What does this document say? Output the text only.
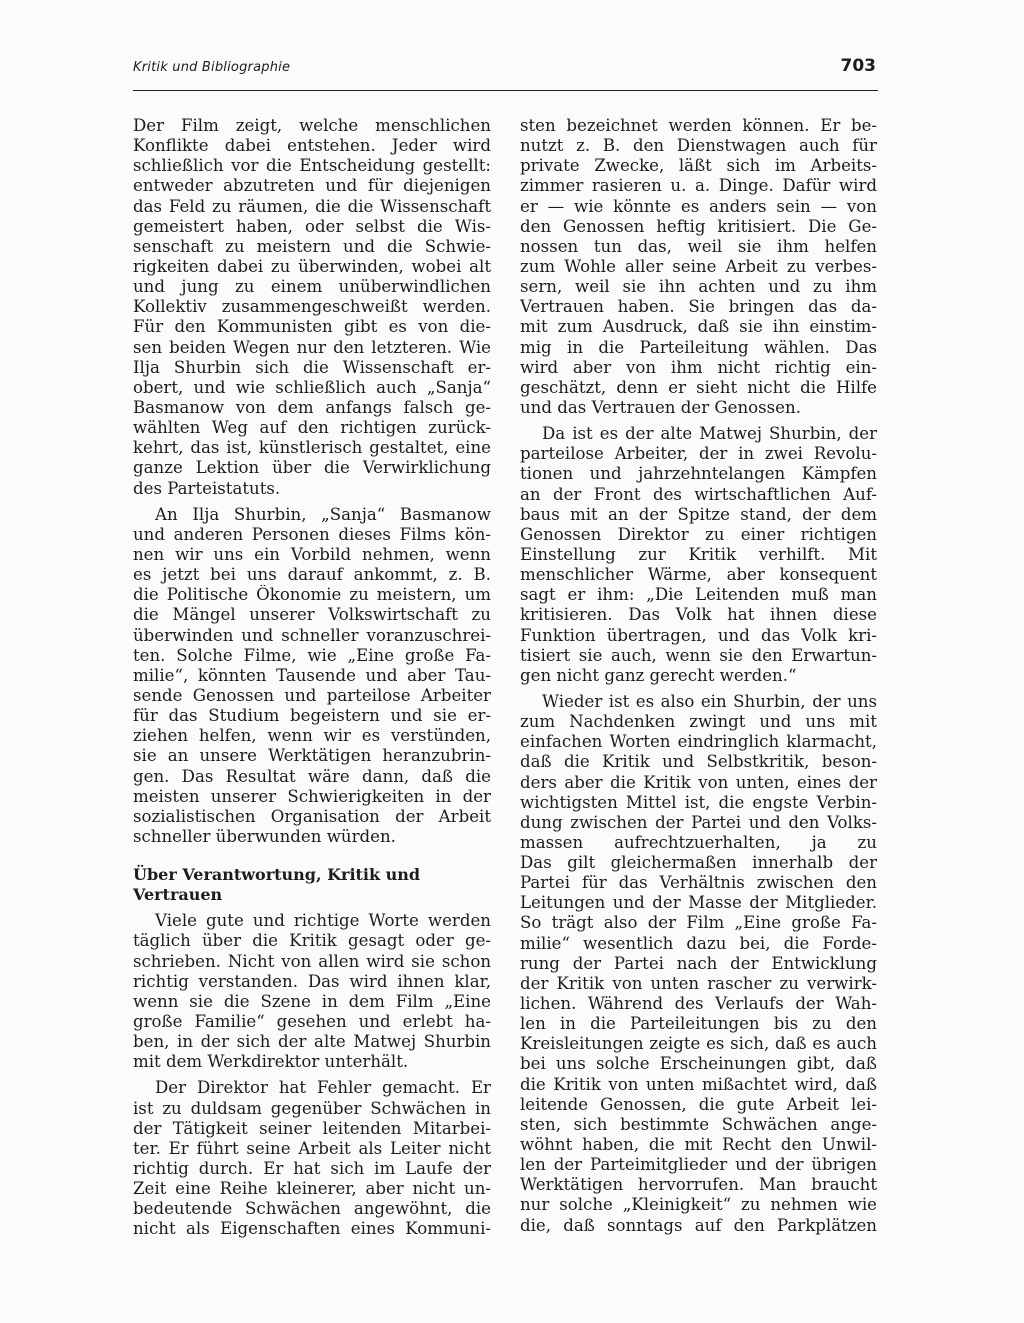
Kritik und Bibliographie	703
Der Film zeigt, welche menschlichen
Konflikte dabei entstehen. Jeder wird
schließlich vor die Entscheidung gestellt:
entweder abzutreten und für diejenigen
das Feld zu räumen, die die Wissenschaft
gemeistert haben, oder selbst die Wis-
senschaft zu meistern und die Schwie-
rigkeiten dabei zu überwinden, wobei alt
und jung zu einem unüberwindlichen
Kollektiv zusammengeschweißt werden.
Für den Kommunisten gibt es von die-
sen beiden Wegen nur den letzteren. Wie
Ilja Shurbin sich die Wissenschaft er-
obert, und wie schließlich auch „Sanja“
Basmanow von dem anfangs falsch ge-
wählten Weg auf den richtigen zurück-
kehrt, das ist, künstlerisch gestaltet, eine
ganze Lektion über die Verwirklichung
des Parteistatuts.
An Ilja Shurbin, „Sanja“ Basmanow
und anderen Personen dieses Films kön-
nen wir uns ein Vorbild nehmen, wenn
es jetzt bei uns darauf ankommt, z. B.
die Politische Ökonomie zu meistern, um
die Mängel unserer Volkswirtschaft zu
überwinden und schneller voranzuschrei-
ten. Solche Filme, wie „Eine große Fa-
milie“, könnten Tausende und aber Tau-
sende Genossen und parteilose Arbeiter
für das Studium begeistern und sie er-
ziehen helfen, wenn wir es verstünden,
sie an unsere Werktätigen heranzubrin-
gen. Das Resultat wäre dann, daß die
meisten unserer Schwierigkeiten in der
sozialistischen Organisation der Arbeit
schneller überwunden würden.
Über Verantwortung, Kritik und
Vertrauen
Viele gute und richtige Worte werden
täglich über die Kritik gesagt oder ge-
schrieben. Nicht von allen wird sie schon
richtig verstanden. Das wird ihnen klar,
wenn sie die Szene in dem Film „Eine
große Familie“ gesehen und erlebt ha-
ben, in der sich der alte Matwej Shurbin
mit dem Werkdirektor unterhält.
Der Direktor hat Fehler gemacht. Er
ist zu duldsam gegenüber Schwächen in
der Tätigkeit seiner leitenden Mitarbei-
ter. Er führt seine Arbeit als Leiter nicht
richtig durch. Er hat sich im Laufe der
Zeit eine Reihe kleinerer, aber nicht un-
bedeutende Schwächen angewöhnt, die
nicht als Eigenschaften eines Kommuni-
sten bezeichnet werden können. Er be-
nutzt z. B. den Dienstwagen auch für
private Zwecke, läßt sich im Arbeits-
zimmer rasieren u. a. Dinge. Dafür wird
er — wie könnte es anders sein — von
den Genossen heftig kritisiert. Die Ge-
nossen tun das, weil sie ihm helfen
zum Wohle aller seine Arbeit zu verbes-
sern, weil sie ihn achten und zu ihm
Vertrauen haben. Sie bringen das da-
mit zum Ausdruck, daß sie ihn einstim-
mig in die Parteileitung wählen. Das
wird aber von ihm nicht richtig ein-
geschätzt, denn er sieht nicht die Hilfe
und das Vertrauen der Genossen.
Da ist es der alte Matwej Shurbin, der
parteilose Arbeiter, der in zwei Revolu-
tionen und jahrzehntelangen Kämpfen
an der Front des wirtschaftlichen Auf-
baus mit an der Spitze stand, der dem
Genossen Direktor zu einer richtigen
Einstellung zur Kritik verhilft. Mit
menschlicher Wärme, aber konsequent
sagt er ihm: „Die Leitenden muß man
kritisieren. Das Volk hat ihnen diese
Funktion übertragen, und das Volk kri-
tisiert sie auch, wenn sie den Erwartun-
gen nicht ganz gerecht werden.“
Wieder ist es also ein Shurbin, der uns
zum Nachdenken zwingt und uns mit
einfachen Worten eindringlich klarmacht,
daß die Kritik und Selbstkritik, beson-
ders aber die Kritik von unten, eines der
wichtigsten Mittel ist, die engste Verbin-
dung zwischen der Partei und den Volks-
massen aufrechtzuerhalten, ja zu
Das gilt gleichermaßen innerhalb der
Partei für das Verhältnis zwischen den
Leitungen und der Masse der Mitglieder.
So trägt also der Film „Eine große Fa-
milie“ wesentlich dazu bei, die Forde-
rung der Partei nach der Entwicklung
der Kritik von unten rascher zu verwirk-
lichen. Während des Verlaufs der Wah-
len in die Parteileitungen bis zu den
Kreisleitungen zeigte es sich, daß es auch
bei uns solche Erscheinungen gibt, daß
die Kritik von unten mißachtet wird, daß
leitende Genossen, die gute Arbeit lei-
sten, sich bestimmte Schwächen ange-
wöhnt haben, die mit Recht den Unwil-
len der Parteimitglieder und der übrigen
Werktätigen hervorrufen. Man braucht
nur solche „Kleinigkeit“ zu nehmen wie
die, daß sonntags auf den Parkplätzen
